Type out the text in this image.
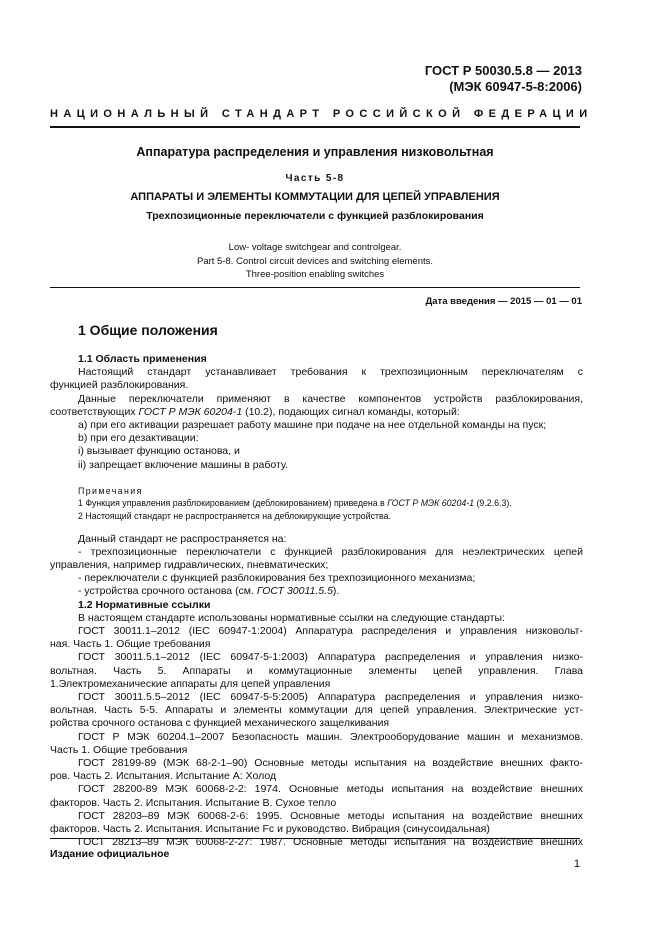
ГОСТ Р 50030.5.8 — 2013
(МЭК 60947-5-8:2006)
НАЦИОНАЛЬНЫЙ СТАНДАРТ РОССИЙСКОЙ ФЕДЕРАЦИИ
Аппаратура распределения и управления низковольтная
Часть 5-8
АППАРАТЫ И ЭЛЕМЕНТЫ КОММУТАЦИИ ДЛЯ ЦЕПЕЙ УПРАВЛЕНИЯ
Трехпозиционные переключатели с функцией разблокирования
Low- voltage switchgear and controlgear.
Part 5-8. Control circuit devices and switching elements.
Three-position enabling switches
Дата введения — 2015 — 01 — 01
1 Общие положения

1.1 Область применения

Настоящий стандарт устанавливает требования к трехпозиционным переключателям с

функцией разблокирования.

Данные переключатели применяют в качестве компонентов устройств разблокирования,

соответствующих ГОСТ Р МЭК 60204-1 (10.2), подающих сигнал команды, который:

a) при его активации разрешает работу машине при подаче на нее отдельной команды на пуск;

b) при его дезактивации:

i) вызывает функцию останова, и

ii) запрещает включение машины в работу.

Примечания

1 Функция управления разблокированием (деблокированием) приведена в ГОСТ Р МЭК 60204-1 (9.2.6.3).

2 Настоящий стандарт не распространяется на деблокирующие устройства.

Данный стандарт не распространяется на:

- трехпозиционные переключатели с функцией разблокирования для неэлектрических цепей

управления, например гидравлических, пневматических;

- переключатели с функцией разблокирования без трехпозиционного механизма;

- устройства срочного останова (см. ГОСТ 30011.5.5).

1.2 Нормативные ссылки

В настоящем стандарте использованы нормативные ссылки на следующие стандарты:

ГОСТ 30011.1–2012 (IEC 60947-1:2004) Аппаратура распределения и управления низковольт-

ная. Часть 1. Общие требования

ГОСТ 30011.5.1–2012 (IEC 60947-5-1:2003) Аппаратура распределения и управления низко-

вольтная. Часть 5. Аппараты и коммутационные элементы цепей управления. Глава

1.Электромеханические аппараты для цепей управления

ГОСТ 30011.5.5–2012 (IEC 60947-5-5:2005) Аппаратура распределения и управления низко-

вольтная. Часть 5-5. Аппараты и элементы коммутации для цепей управления. Электрические уст-

ройства срочного останова с функцией механического защелкивания

ГОСТ Р МЭК 60204.1–2007 Безопасность машин. Электрооборудование машин и механизмов.

Часть 1. Общие требования

ГОСТ 28199-89 (МЭК 68-2-1–90) Основные методы испытания на воздействие внешних факто-

ров. Часть 2. Испытания. Испытание А: Холод

ГОСТ 28200-89 МЭК 60068-2-2: 1974. Основные методы испытания на воздействие внешних

факторов. Часть 2. Испытания. Испытание В. Сухое тепло

ГОСТ 28203–89 МЭК 60068-2-6: 1995. Основные методы испытания на воздействие внешних

факторов. Часть 2. Испытания. Испытание Fc и руководство. Вибрация (синусоидальная)

ГОСТ 28213–89 МЭК 60068-2-27: 1987. Основные методы испытания на воздействие внешних

Издание официальное
1
